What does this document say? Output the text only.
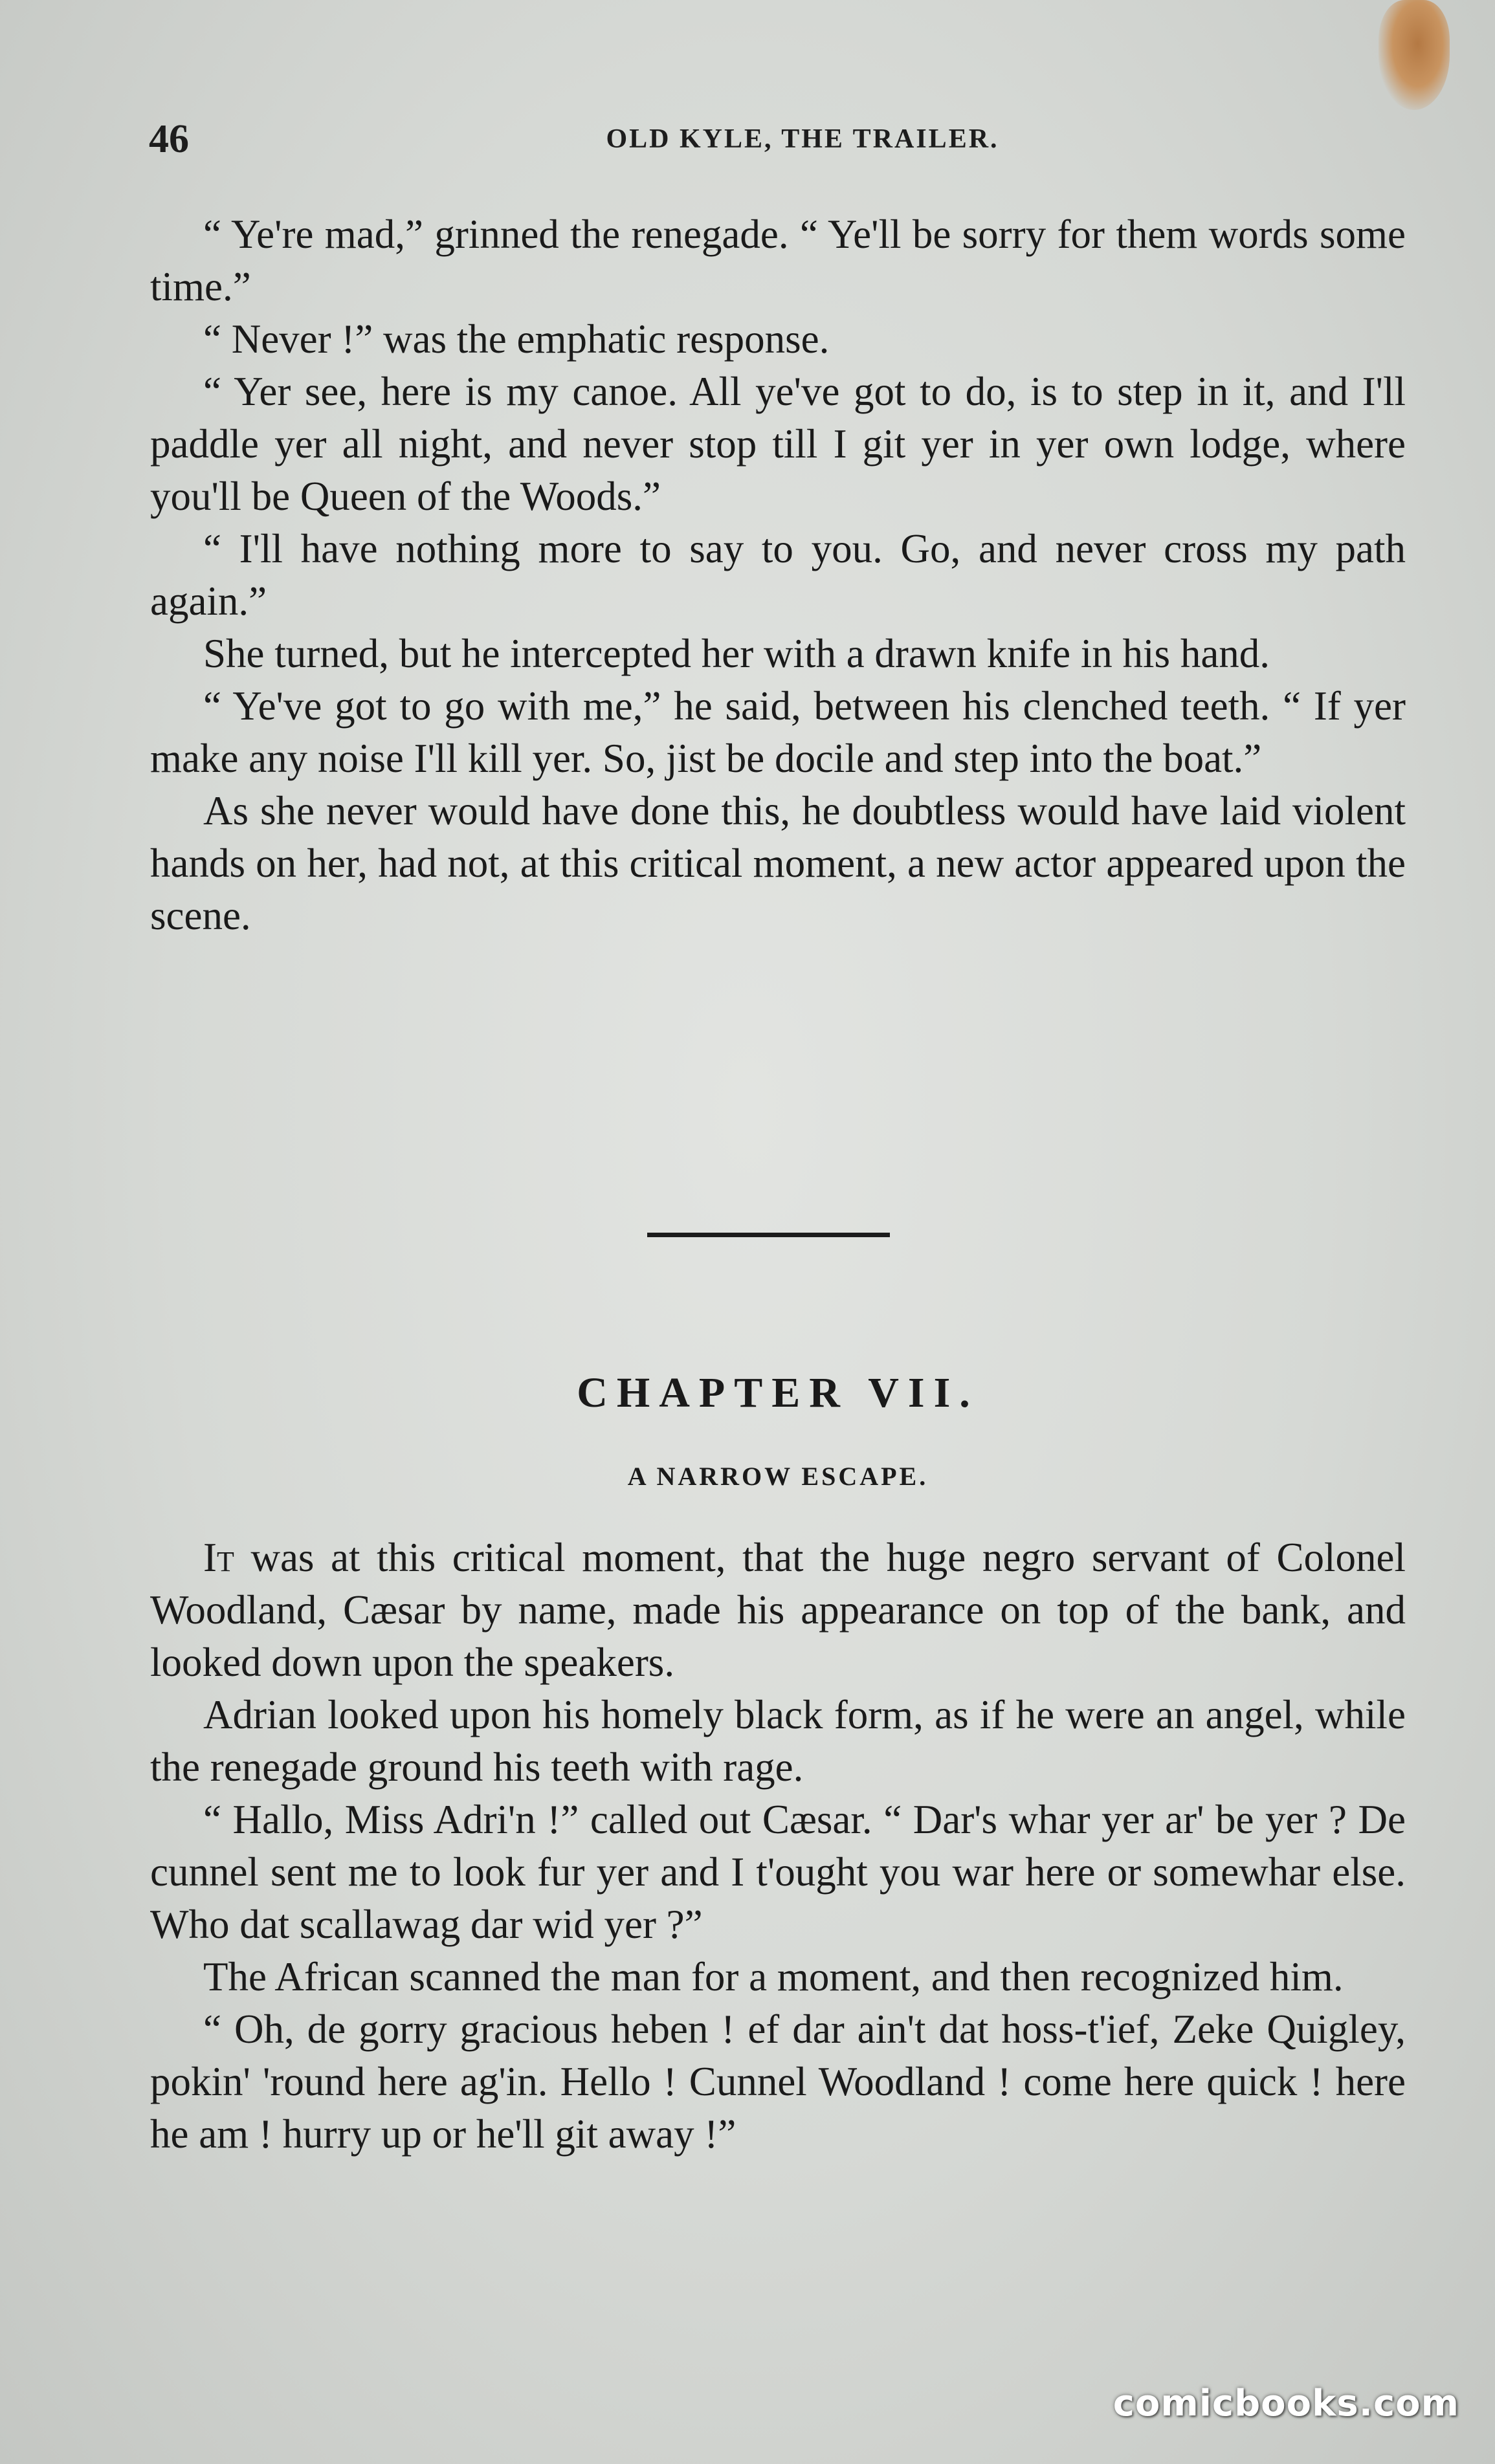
46	OLD KYLE, THE TRAILER.

“ Ye're mad,” grinned the renegade. “ Ye'll be sorry for them words some time.”

“ Never !” was the emphatic response.

“ Yer see, here is my canoe. All ye've got to do, is to step in it, and I'll paddle yer all night, and never stop till I git yer in yer own lodge, where you'll be Queen of the Woods.”

“ I'll have nothing more to say to you. Go, and never cross my path again.”

She turned, but he intercepted her with a drawn knife in his hand.

“ Ye've got to go with me,” he said, between his clenched teeth. “ If yer make any noise I'll kill yer. So, jist be docile and step into the boat.”

As she never would have done this, he doubtless would have laid violent hands on her, had not, at this critical moment, a new actor appeared upon the scene.

CHAPTER VII.
A NARROW ESCAPE.

It was at this critical moment, that the huge negro servant of Colonel Woodland, Cæsar by name, made his appearance on top of the bank, and looked down upon the speakers.

Adrian looked upon his homely black form, as if he were an angel, while the renegade ground his teeth with rage.

“ Hallo, Miss Adri'n !” called out Cæsar. “ Dar's whar yer ar' be yer ? De cunnel sent me to look fur yer and I t'ought you war here or somewhar else. Who dat scallawag dar wid yer ?”

The African scanned the man for a moment, and then recognized him.

“ Oh, de gorry gracious heben ! ef dar ain't dat hoss-t'ief, Zeke Quigley, pokin' 'round here ag'in. Hello ! Cunnel Woodland ! come here quick ! here he am ! hurry up or he'll git away !”

comicbooks.com
